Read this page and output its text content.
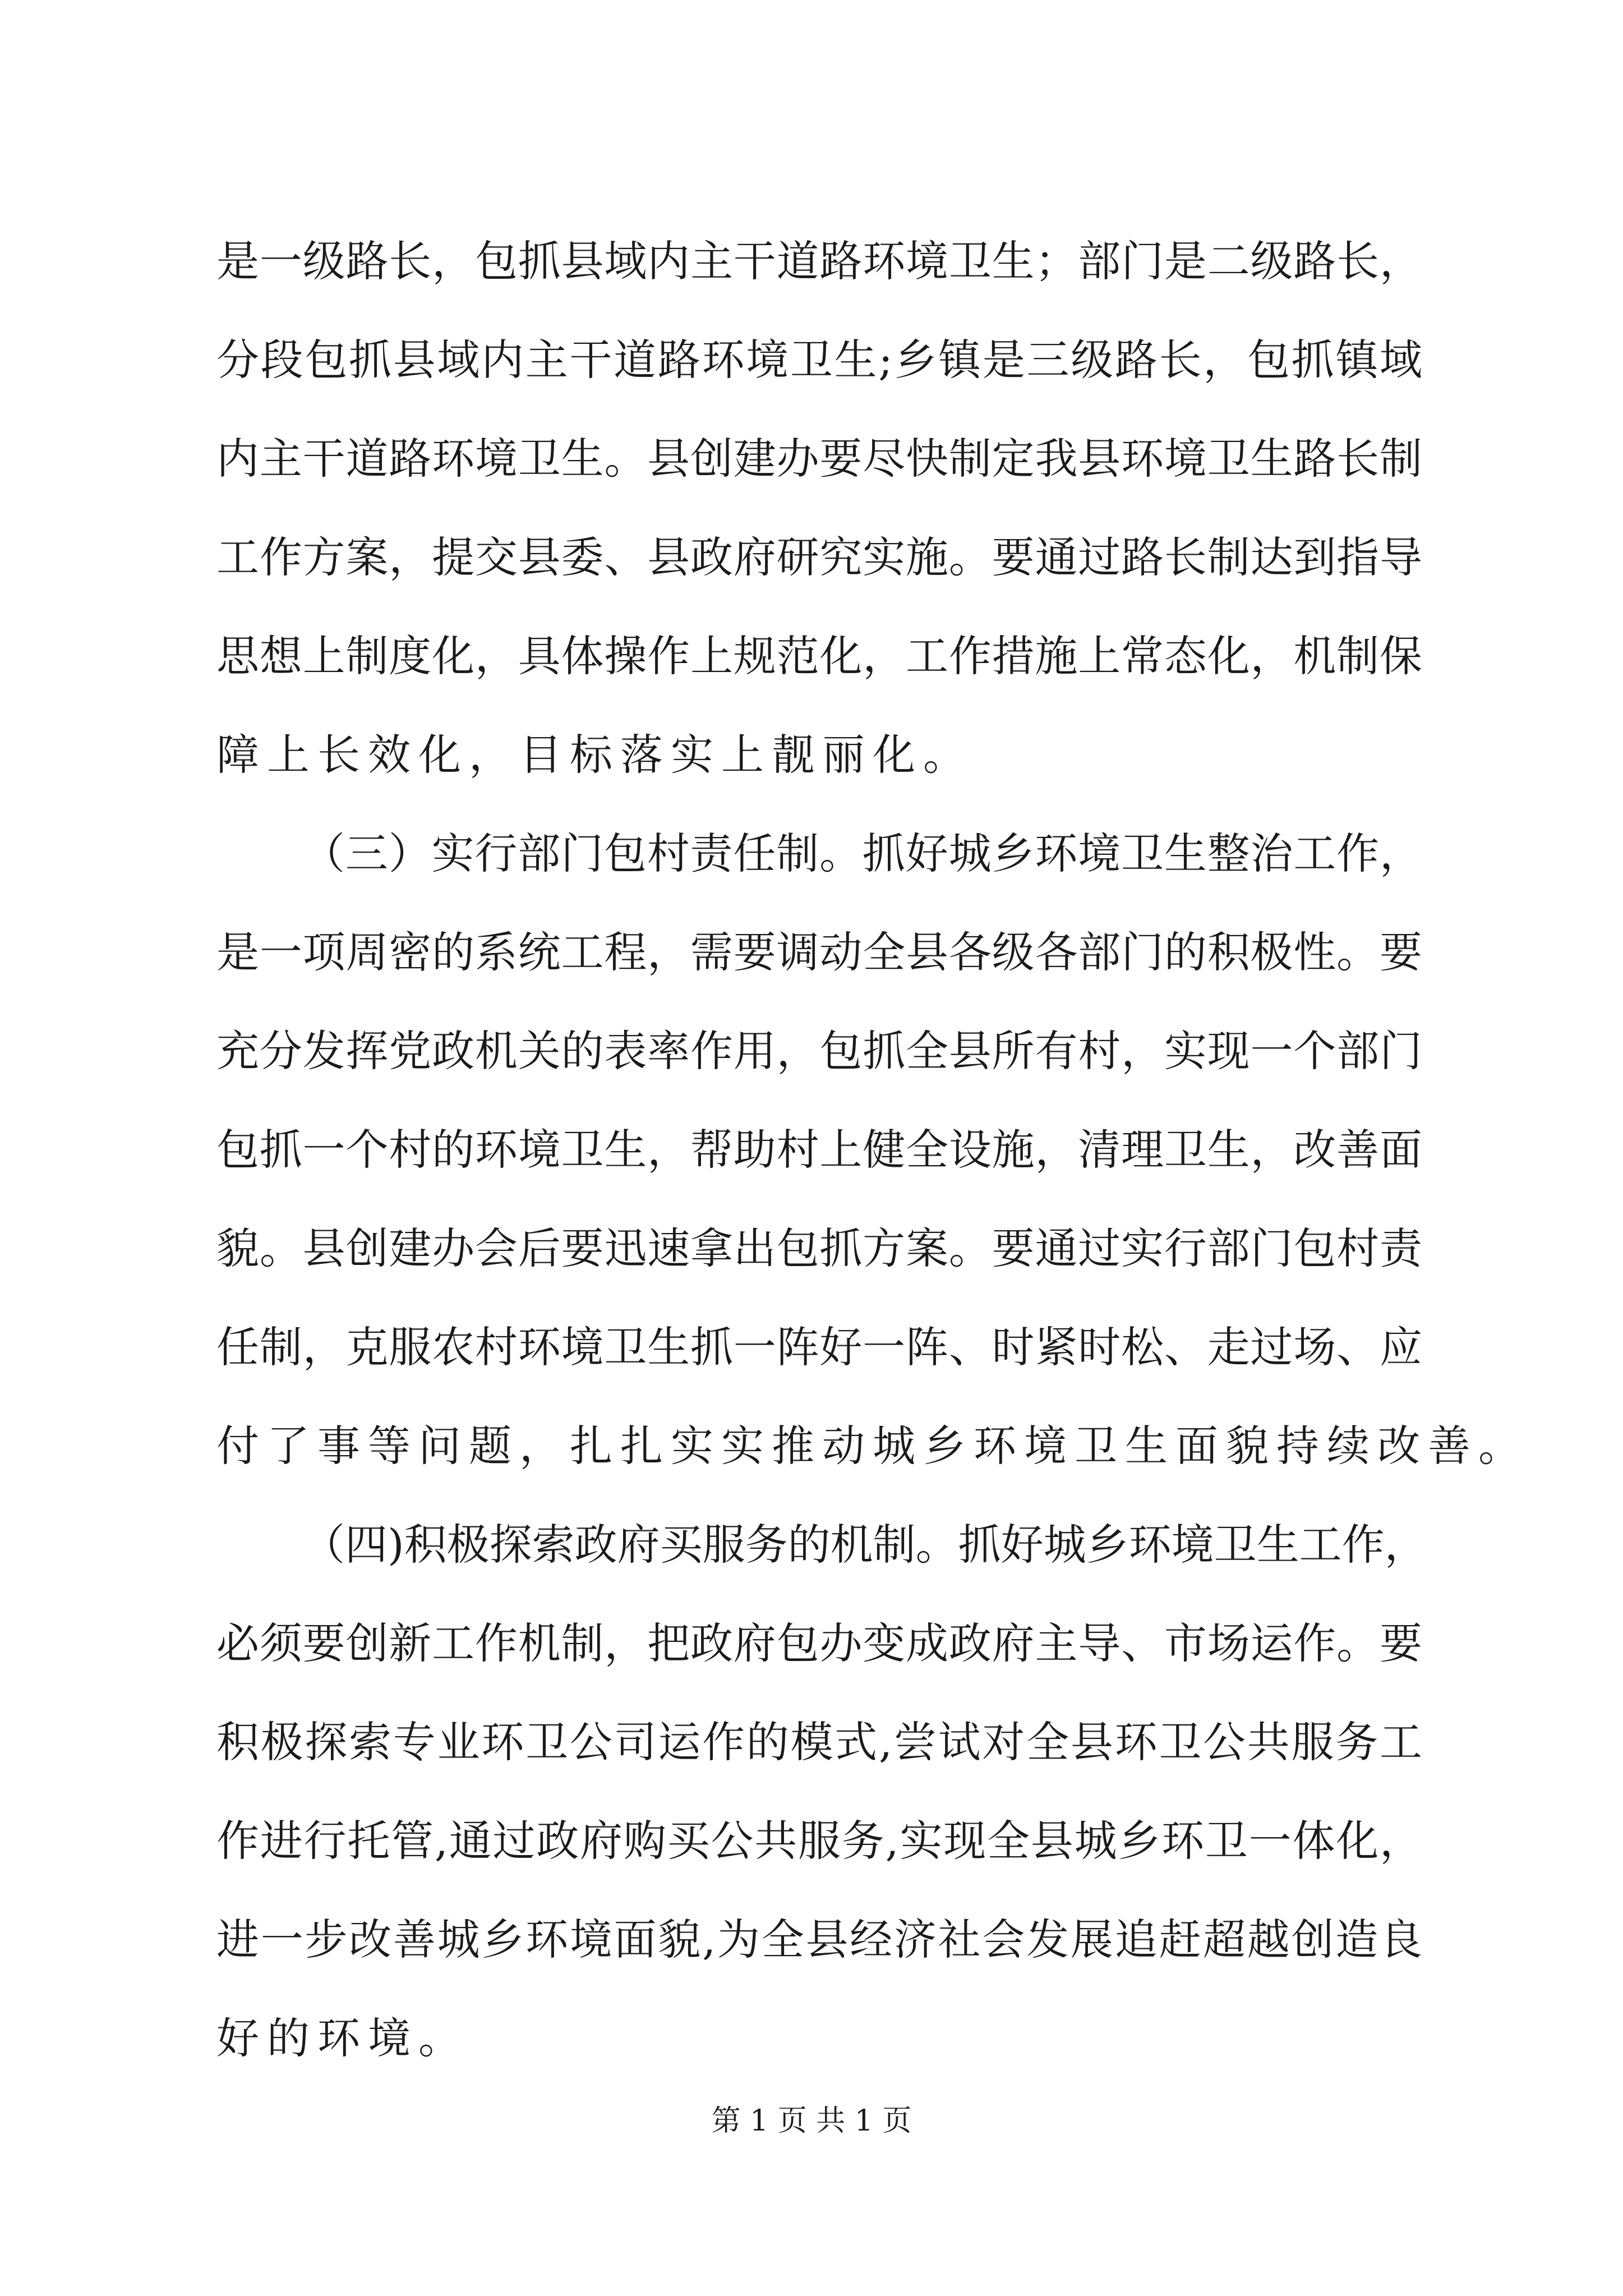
是一级路长，包抓县域内主干道路环境卫生；部门是二级路长，
分段包抓县域内主干道路环境卫生;乡镇是三级路长，包抓镇域
内主干道路环境卫生。县创建办要尽快制定我县环境卫生路长制
工作方案，提交县委、县政府研究实施。要通过路长制达到指导
思想上制度化，具体操作上规范化，工作措施上常态化，机制保
障上长效化，目标落实上靓丽化。
（三）实行部门包村责任制。抓好城乡环境卫生整治工作，
是一项周密的系统工程，需要调动全县各级各部门的积极性。要
充分发挥党政机关的表率作用，包抓全县所有村，实现一个部门
包抓一个村的环境卫生，帮助村上健全设施，清理卫生，改善面
貌。县创建办会后要迅速拿出包抓方案。要通过实行部门包村责
任制，克服农村环境卫生抓一阵好一阵、时紧时松、走过场、应
付了事等问题，扎扎实实推动城乡环境卫生面貌持续改善。
（四)积极探索政府买服务的机制。抓好城乡环境卫生工作，
必须要创新工作机制，把政府包办变成政府主导、市场运作。要
积极探索专业环卫公司运作的模式,尝试对全县环卫公共服务工
作进行托管,通过政府购买公共服务,实现全县城乡环卫一体化，
进一步改善城乡环境面貌,为全县经济社会发展追赶超越创造良
好的环境。
第 1 页 共 1 页
